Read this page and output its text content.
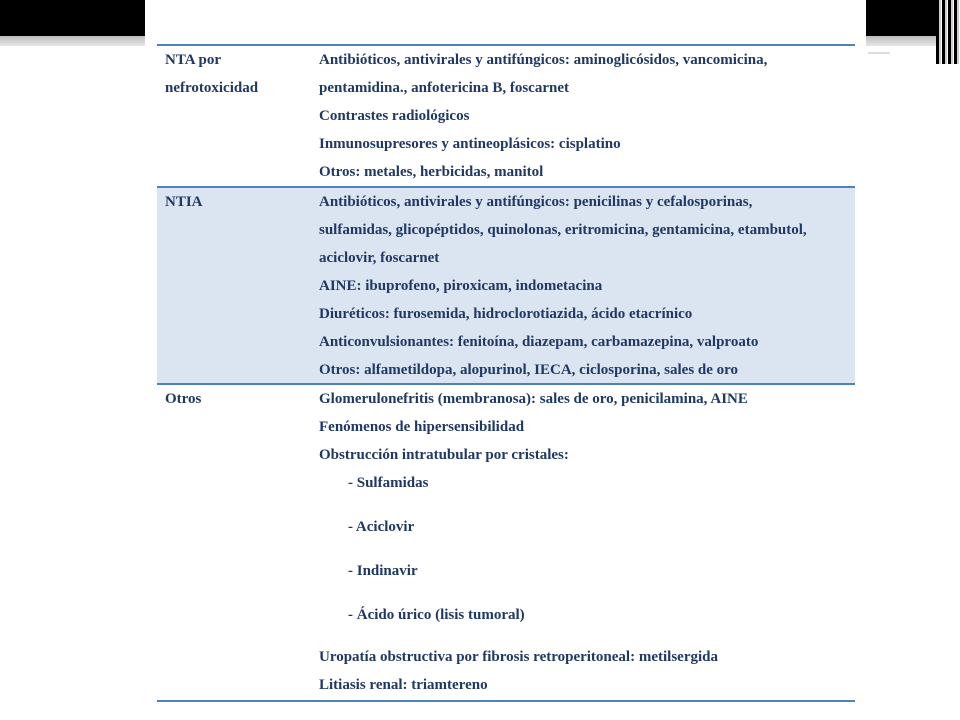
NTA por
nefrotoxicidad
Antibióticos, antivirales y antifúngicos: aminoglicósidos, vancomicina,
pentamidina., anfotericina B, foscarnet
Contrastes radiológicos
Inmunosupresores y antineoplásicos: cisplatino
Otros: metales, herbicidas, manitol
NTIA	Antibióticos, antivirales y antifúngicos: penicilinas y cefalosporinas,
sulfamidas, glicopéptidos, quinolonas, eritromicina, gentamicina, etambutol,
aciclovir, foscarnet
AINE: ibuprofeno, piroxicam, indometacina
Diuréticos: furosemida, hidroclorotiazida, ácido etacrínico
Anticonvulsionantes: fenitoína, diazepam, carbamazepina, valproato
Otros: alfametildopa, alopurinol, IECA, ciclosporina, sales de oro
Otros	Glomerulonefritis (membranosa): sales de oro, penicilamina, AINE
Fenómenos de hipersensibilidad
Obstrucción intratubular por cristales:
- Sulfamidas
- Aciclovir
- Indinavir
- Ácido úrico (lisis tumoral)
Uropatía obstructiva por fibrosis retroperitoneal: metilsergida
Litiasis renal: triamtereno
